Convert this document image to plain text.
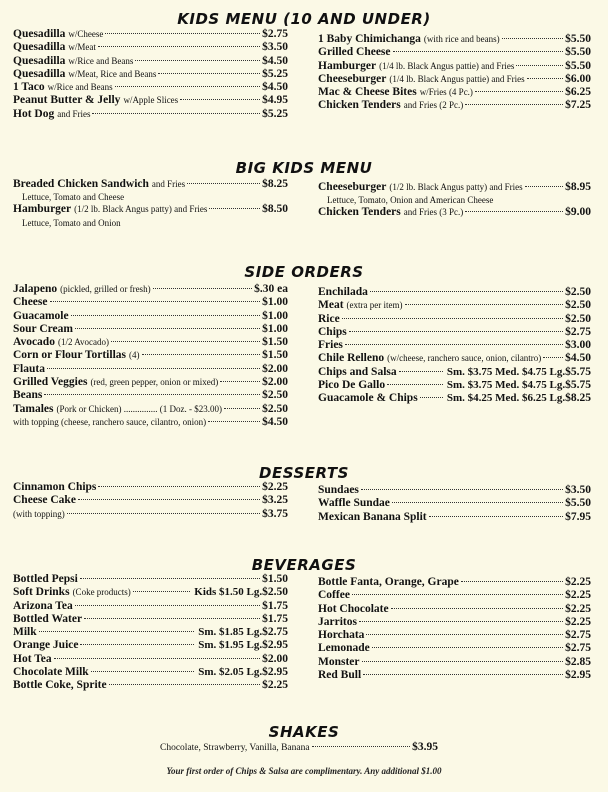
KIDS MENU (10 AND UNDER)
Quesadilla w/Cheese	$2.75
Quesadilla w/Meat	$3.50
Quesadilla w/Rice and Beans	$4.50
Quesadilla w/Meat, Rice and Beans	$5.25
1 Taco w/Rice and Beans	$4.50
Peanut Butter & Jelly w/Apple Slices	$4.95
Hot Dog and Fries	$5.25
1 Baby Chimichanga (with rice and beans)	$5.50
Grilled Cheese	$5.50
Hamburger (1/4 lb. Black Angus pattie) and Fries	$5.50
Cheeseburger (1/4 lb. Black Angus pattie) and Fries	$6.00
Mac & Cheese Bites w/Fries (4 Pc.)	$6.25
Chicken Tenders and Fries (2 Pc.)	$7.25
BIG KIDS MENU
Breaded Chicken Sandwich and Fries	$8.25
Lettuce, Tomato and Cheese
Hamburger (1/2 lb. Black Angus patty) and Fries	$8.50
Lettuce, Tomato and Onion
Cheeseburger (1/2 lb. Black Angus patty) and Fries	$8.95
Lettuce, Tomato, Onion and American Cheese
Chicken Tenders and Fries (3 Pc.)	$9.00
SIDE ORDERS
Jalapeno (pickled, grilled or fresh)	$.30 ea
Cheese	$1.00
Guacamole	$1.00
Sour Cream	$1.00
Avocado (1/2 Avocado)	$1.50
Corn or Flour Tortillas (4)	$1.50
Flauta	$2.00
Grilled Veggies (red, green pepper, onion or mixed)	$2.00
Beans	$2.50
Tamales (Pork or Chicken) ............... (1 Doz. - $23.00)	$2.50
with topping (cheese, ranchero sauce, cilantro, onion)	$4.50
Enchilada	$2.50
Meat (extra per item)	$2.50
Rice	$2.50
Chips	$2.75
Fries	$3.00
Chile Relleno (w/cheese, ranchero sauce, onion, cilantro) $4.50
Chips and Salsa	Sm. $3.75 Med. $4.75 Lg. $5.75
Pico De Gallo	Sm. $3.75 Med. $4.75 Lg. $5.75
Guacamole & Chips	Sm. $4.25 Med. $6.25 Lg. $8.25
DESSERTS
Cinnamon Chips	$2.25
Cheese Cake	$3.25
(with topping)	$3.75
Sundaes	$3.50
Waffle Sundae	$5.50
Mexican Banana Split	$7.95
BEVERAGES
Bottled Pepsi	$1.50
Soft Drinks (Coke products)	Kids $1.50 Lg. $2.50
Arizona Tea	$1.75
Bottled Water	$1.75
Milk	Sm. $1.85 Lg. $2.75
Orange Juice	Sm. $1.95 Lg. $2.95
Hot Tea	$2.00
Chocolate Milk	Sm. $2.05 Lg. $2.95
Bottle Coke, Sprite	$2.25
Bottle Fanta, Orange, Grape	$2.25
Coffee	$2.25
Hot Chocolate	$2.25
Jarritos	$2.25
Horchata	$2.75
Lemonade	$2.75
Monster	$2.85
Red Bull	$2.95
SHAKES
Chocolate, Strawberry, Vanilla, Banana	$3.95
Your first order of Chips & Salsa are complimentary. Any additional $1.00
